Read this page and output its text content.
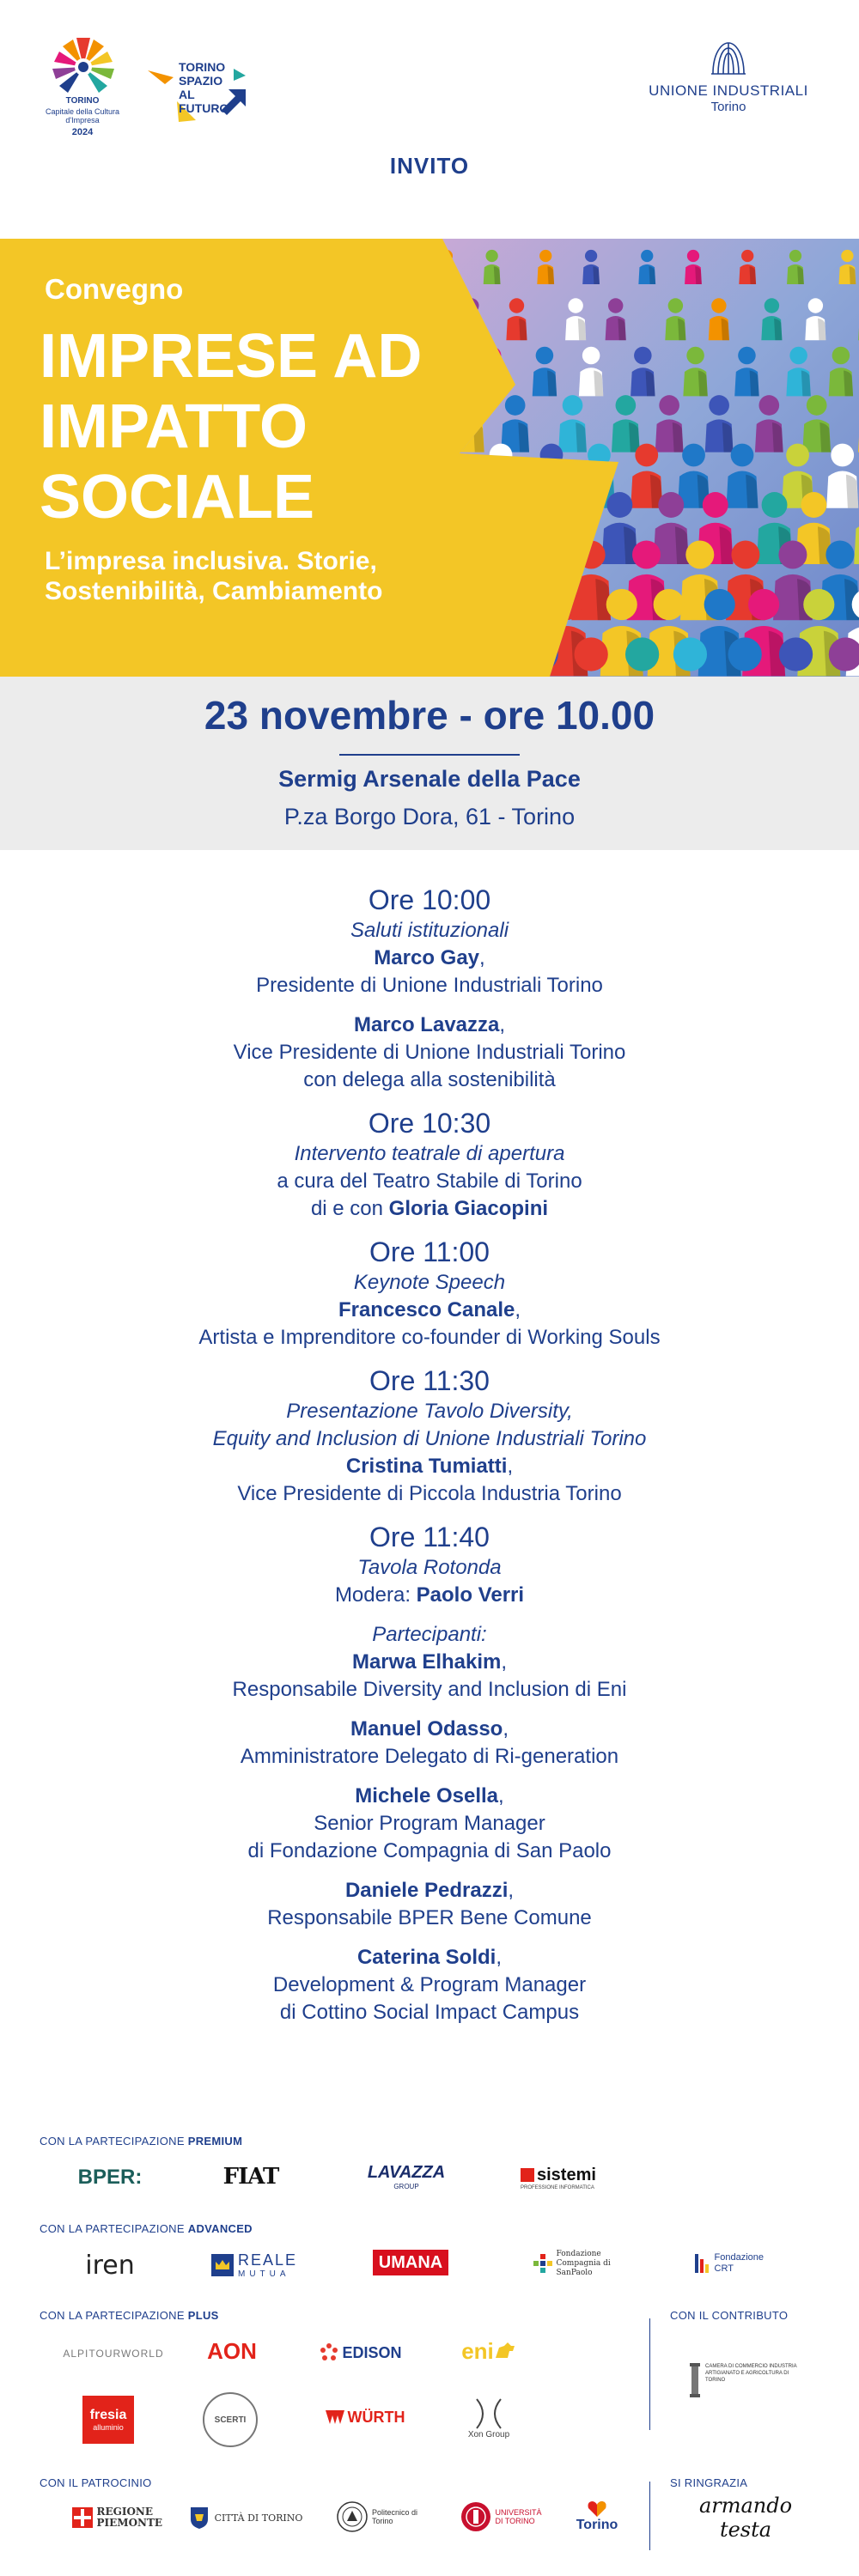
TORINO
Capitale della Cultura d'Impresa
2024
TORINO SPAZIO AL FUTURO
UNIONE INDUSTRIALI
Torino
INVITO
Convegno
IMPRESE AD IMPATTO SOCIALE
L’impresa inclusiva. Storie, Sostenibilità, Cambiamento
23 novembre - ore 10.00
Sermig Arsenale della Pace
P.za Borgo Dora, 61 - Torino
Ore 10:00
Saluti istituzionali
Marco Gay,
Presidente di Unione Industriali Torino
Marco Lavazza,
Vice Presidente di Unione Industriali Torino
con delega alla sostenibilità
Ore 10:30
Intervento teatrale di apertura
a cura del Teatro Stabile di Torino
di e con Gloria Giacopini
Ore 11:00
Keynote Speech
Francesco Canale,
Artista e Imprenditore co-founder di Working Souls
Ore 11:30
Presentazione Tavolo Diversity,
Equity and Inclusion di Unione Industriali Torino
Cristina Tumiatti,
Vice Presidente di Piccola Industria Torino
Ore 11:40
Tavola Rotonda
Modera: Paolo Verri
Partecipanti:
Marwa Elhakim,
Responsabile Diversity and Inclusion di Eni
Manuel Odasso,
Amministratore Delegato di Ri-generation
Michele Osella,
Senior Program Manager
di Fondazione Compagnia di San Paolo
Daniele Pedrazzi,
Responsabile BPER Bene Comune
Caterina Soldi,
Development & Program Manager
di Cottino Social Impact Campus
CON LA PARTECIPAZIONE PREMIUM
BPER:	FIAT	LAVAZZA
GROUP
sistemi
PROFESSIONE INFORMATICA
CON LA PARTECIPAZIONE ADVANCED
iren	REALE
MUTUA
UMANA	Fondazione Compagnia di SanPaolo
Fondazione CRT
CON LA PARTECIPAZIONE PLUS	CON IL CONTRIBUTO
ALPITOURWORLD	AON	EDISON	eni
fresia
alluminio
SCERTI	WÜRTH
Xon Group
CAMERA DI COMMERCIO INDUSTRIA ARTIGIANATO E AGRICOLTURA DI TORINO
CON IL PATROCINIO	SI RINGRAZIA
REGIONE PIEMONTE	CITTÀ DI TORINO	Politecnico di Torino
UNIVERSITÀ DI TORINO	Torino
armando testa
